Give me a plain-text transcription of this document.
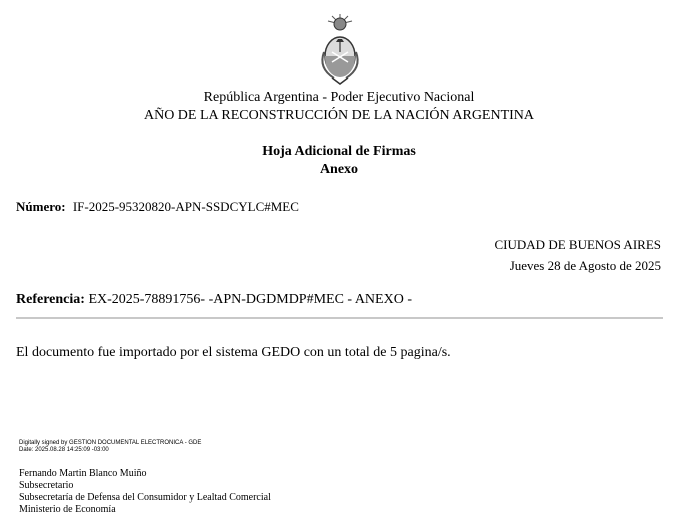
República Argentina - Poder Ejecutivo Nacional
AÑO DE LA RECONSTRUCCIÓN DE LA NACIÓN ARGENTINA
Hoja Adicional de Firmas
Anexo
Número: IF-2025-95320820-APN-SSDCYLC#MEC
CIUDAD DE BUENOS AIRES
Jueves 28 de Agosto de 2025
Referencia: EX-2025-78891756- -APN-DGDMDP#MEC - ANEXO -
El documento fue importado por el sistema GEDO con un total de 5 pagina/s.
Digitally signed by GESTION DOCUMENTAL ELECTRONICA - GDE
Date: 2025.08.28 14:25:09 -03:00
Fernando Martin Blanco Muiño
Subsecretario
Subsecretaría de Defensa del Consumidor y Lealtad Comercial
Ministerio de Economía
